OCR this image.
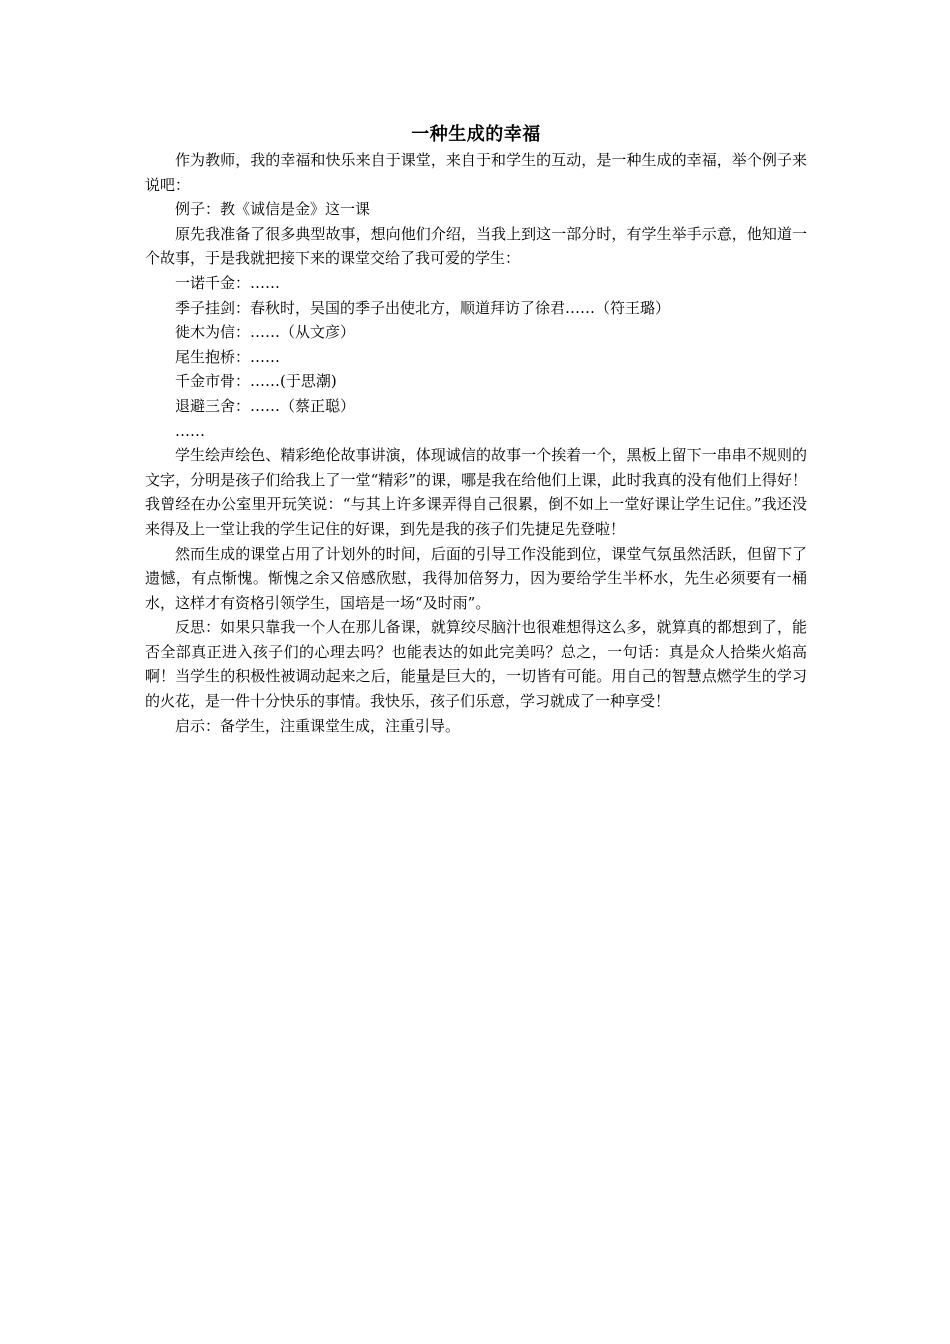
一种生成的幸福

作为教师，我的幸福和快乐来自于课堂，来自于和学生的互动，是一种生成的幸福，举个例子来说吧：

例子：教《诚信是金》这一课

原先我准备了很多典型故事，想向他们介绍，当我上到这一部分时，有学生举手示意，他知道一个故事，于是我就把接下来的课堂交给了我可爱的学生：

一诺千金：……

季子挂剑：春秋时，吴国的季子出使北方，顺道拜访了徐君……（符王璐）

徙木为信：……（从文彦）

尾生抱桥：……

千金市骨：……(于思潮)

退避三舍：……（蔡正聪）

……

学生绘声绘色、精彩绝伦故事讲演，体现诚信的故事一个挨着一个，黑板上留下一串串不规则的文字，分明是孩子们给我上了一堂“精彩”的课，哪是我在给他们上课，此时我真的没有他们上得好！我曾经在办公室里开玩笑说：“与其上许多课弄得自己很累，倒不如上一堂好课让学生记住。”我还没来得及上一堂让我的学生记住的好课，到先是我的孩子们先捷足先登啦！

然而生成的课堂占用了计划外的时间，后面的引导工作没能到位，课堂气氛虽然活跃，但留下了遗憾，有点惭愧。惭愧之余又倍感欣慰，我得加倍努力，因为要给学生半杯水，先生必须要有一桶水，这样才有资格引领学生，国培是一场“及时雨”。

反思：如果只靠我一个人在那儿备课，就算绞尽脑汁也很难想得这么多，就算真的都想到了，能否全部真正进入孩子们的心理去吗？也能表达的如此完美吗？总之，一句话：真是众人拾柴火焰高啊！当学生的积极性被调动起来之后，能量是巨大的，一切皆有可能。用自己的智慧点燃学生的学习的火花，是一件十分快乐的事情。我快乐，孩子们乐意，学习就成了一种享受！

启示：备学生，注重课堂生成，注重引导。
